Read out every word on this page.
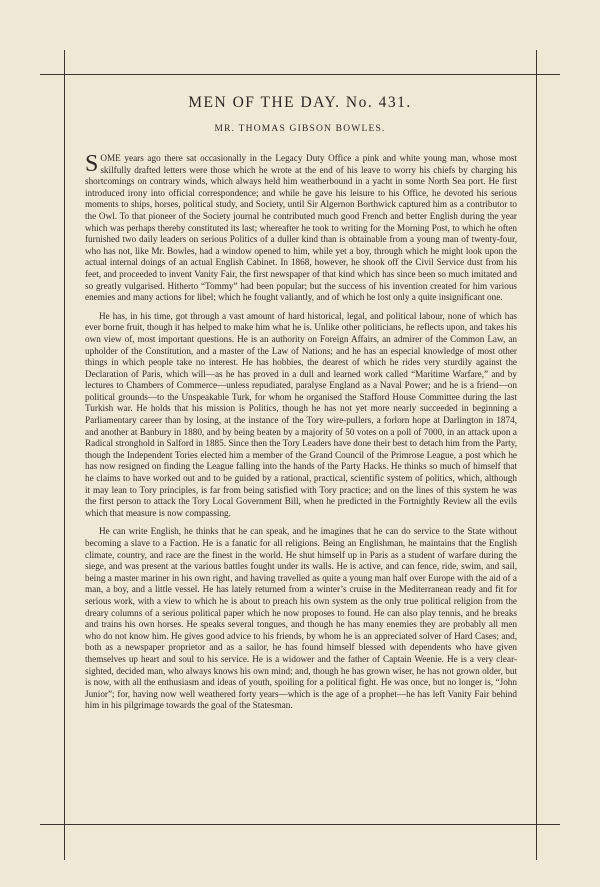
MEN OF THE DAY. No. 431.
MR. THOMAS GIBSON BOWLES.

SOME years ago there sat occasionally in the Legacy Duty Office a pink and white young man, whose most skilfully drafted letters were those which he wrote at the end of his leave to worry his chiefs by charging his shortcomings on contrary winds, which always held him weatherbound in a yacht in some North Sea port. He first introduced irony into official correspondence; and while he gave his leisure to his Office, he devoted his serious moments to ships, horses, political study, and Society, until Sir Algernon Borthwick captured him as a contributor to the Owl. To that pioneer of the Society journal he contributed much good French and better English during the year which was perhaps thereby constituted its last; whereafter he took to writing for the Morning Post, to which he often furnished two daily leaders on serious Politics of a duller kind than is obtainable from a young man of twenty-four, who has not, like Mr. Bowles, had a window opened to him, while yet a boy, through which he might look upon the actual internal doings of an actual English Cabinet. In 1868, however, he shook off the Civil Service dust from his feet, and proceeded to invent Vanity Fair, the first newspaper of that kind which has since been so much imitated and so greatly vulgarised. Hitherto “Tommy” had been popular; but the success of his invention created for him various enemies and many actions for libel; which he fought valiantly, and of which he lost only a quite insignificant one.

He has, in his time, got through a vast amount of hard historical, legal, and political labour, none of which has ever borne fruit, though it has helped to make him what he is. Unlike other politicians, he reflects upon, and takes his own view of, most important questions. He is an authority on Foreign Affairs, an admirer of the Common Law, an upholder of the Constitution, and a master of the Law of Nations; and he has an especial knowledge of most other things in which people take no interest. He has hobbies, the dearest of which he rides very sturdily against the Declaration of Paris, which will—as he has proved in a dull and learned work called “Maritime Warfare,” and by lectures to Chambers of Commerce—unless repudiated, paralyse England as a Naval Power; and he is a friend—on political grounds—to the Unspeakable Turk, for whom he organised the Stafford House Committee during the last Turkish war. He holds that his mission is Politics, though he has not yet more nearly succeeded in beginning a Parliamentary career than by losing, at the instance of the Tory wire-pullers, a forlorn hope at Darlington in 1874, and another at Banbury in 1880, and by being beaten by a majority of 50 votes on a poll of 7000, in an attack upon a Radical stronghold in Salford in 1885. Since then the Tory Leaders have done their best to detach him from the Party, though the Independent Tories elected him a member of the Grand Council of the Primrose League, a post which he has now resigned on finding the League falling into the hands of the Party Hacks. He thinks so much of himself that he claims to have worked out and to be guided by a rational, practical, scientific system of politics, which, although it may lean to Tory principles, is far from being satisfied with Tory practice; and on the lines of this system he was the first person to attack the Tory Local Government Bill, when he predicted in the Fortnightly Review all the evils which that measure is now compassing.

He can write English, he thinks that he can speak, and he imagines that he can do service to the State without becoming a slave to a Faction. He is a fanatic for all religions. Being an Englishman, he maintains that the English climate, country, and race are the finest in the world. He shut himself up in Paris as a student of warfare during the siege, and was present at the various battles fought under its walls. He is active, and can fence, ride, swim, and sail, being a master mariner in his own right, and having travelled as quite a young man half over Europe with the aid of a man, a boy, and a little vessel. He has lately returned from a winter’s cruise in the Mediterranean ready and fit for serious work, with a view to which he is about to preach his own system as the only true political religion from the dreary columns of a serious political paper which he now proposes to found. He can also play tennis, and he breaks and trains his own horses. He speaks several tongues, and though he has many enemies they are probably all men who do not know him. He gives good advice to his friends, by whom he is an appreciated solver of Hard Cases; and, both as a newspaper proprietor and as a sailor, he has found himself blessed with dependents who have given themselves up heart and soul to his service. He is a widower and the father of Captain Weenie. He is a very clear-sighted, decided man, who always knows his own mind; and, though he has grown wiser, he has not grown older, but is now, with all the enthusiasm and ideas of youth, spoiling for a political fight. He was once, but no longer is, “John Junior”; for, having now well weathered forty years—which is the age of a prophet—he has left Vanity Fair behind him in his pilgrimage towards the goal of the Statesman.
